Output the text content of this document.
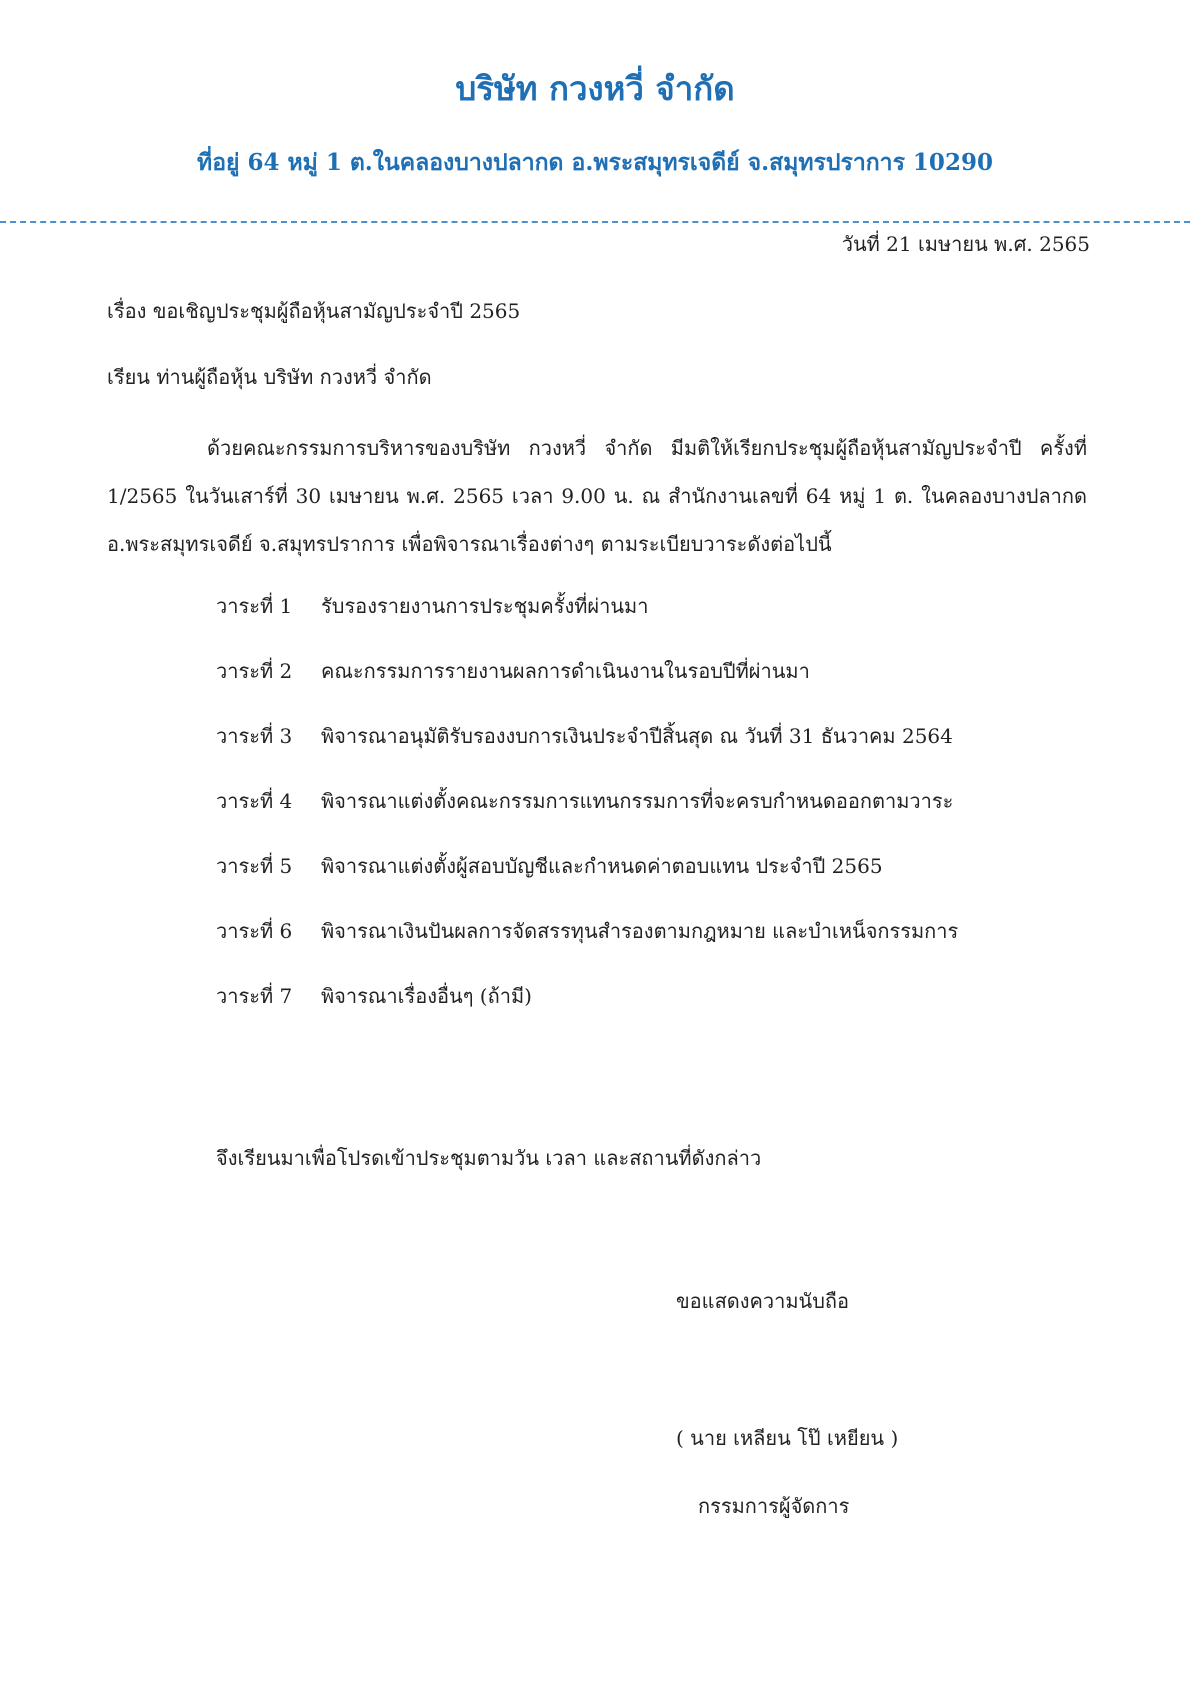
บริษัท กวงหวี่ จำกัด
ที่อยู่ 64 หมู่ 1 ต.ในคลองบางปลากด อ.พระสมุทรเจดีย์ จ.สมุทรปราการ 10290
วันที่ 21 เมษายน พ.ศ. 2565
เรื่อง ขอเชิญประชุมผู้ถือหุ้นสามัญประจำปี 2565
เรียน ท่านผู้ถือหุ้น บริษัท กวงหวี่ จำกัด
ด้วยคณะกรรมการบริหารของบริษัท กวงหวี่ จำกัด มีมติให้เรียกประชุมผู้ถือหุ้นสามัญประจำปี ครั้งที่ 1/2565 ในวันเสาร์ที่ 30 เมษายน พ.ศ. 2565 เวลา 9.00 น. ณ สำนักงานเลขที่ 64 หมู่ 1 ต. ในคลองบางปลากด อ.พระสมุทรเจดีย์ จ.สมุทรปราการ เพื่อพิจารณาเรื่องต่างๆ ตามระเบียบวาระดังต่อไปนี้
วาระที่ 1 รับรองรายงานการประชุมครั้งที่ผ่านมา
วาระที่ 2 คณะกรรมการรายงานผลการดำเนินงานในรอบปีที่ผ่านมา
วาระที่ 3 พิจารณาอนุมัติรับรองงบการเงินประจำปีสิ้นสุด ณ วันที่ 31 ธันวาคม 2564
วาระที่ 4 พิจารณาแต่งตั้งคณะกรรมการแทนกรรมการที่จะครบกำหนดออกตามวาระ
วาระที่ 5 พิจารณาแต่งตั้งผู้สอบบัญชีและกำหนดค่าตอบแทน ประจำปี 2565
วาระที่ 6 พิจารณาเงินปันผลการจัดสรรทุนสำรองตามกฎหมาย และบำเหน็จกรรมการ
วาระที่ 7 พิจารณาเรื่องอื่นๆ (ถ้ามี)
จึงเรียนมาเพื่อโปรดเข้าประชุมตามวัน เวลา และสถานที่ดังกล่าว
ขอแสดงความนับถือ
( นาย เหลียน โป๊ เหยียน )
กรรมการผู้จัดการ
